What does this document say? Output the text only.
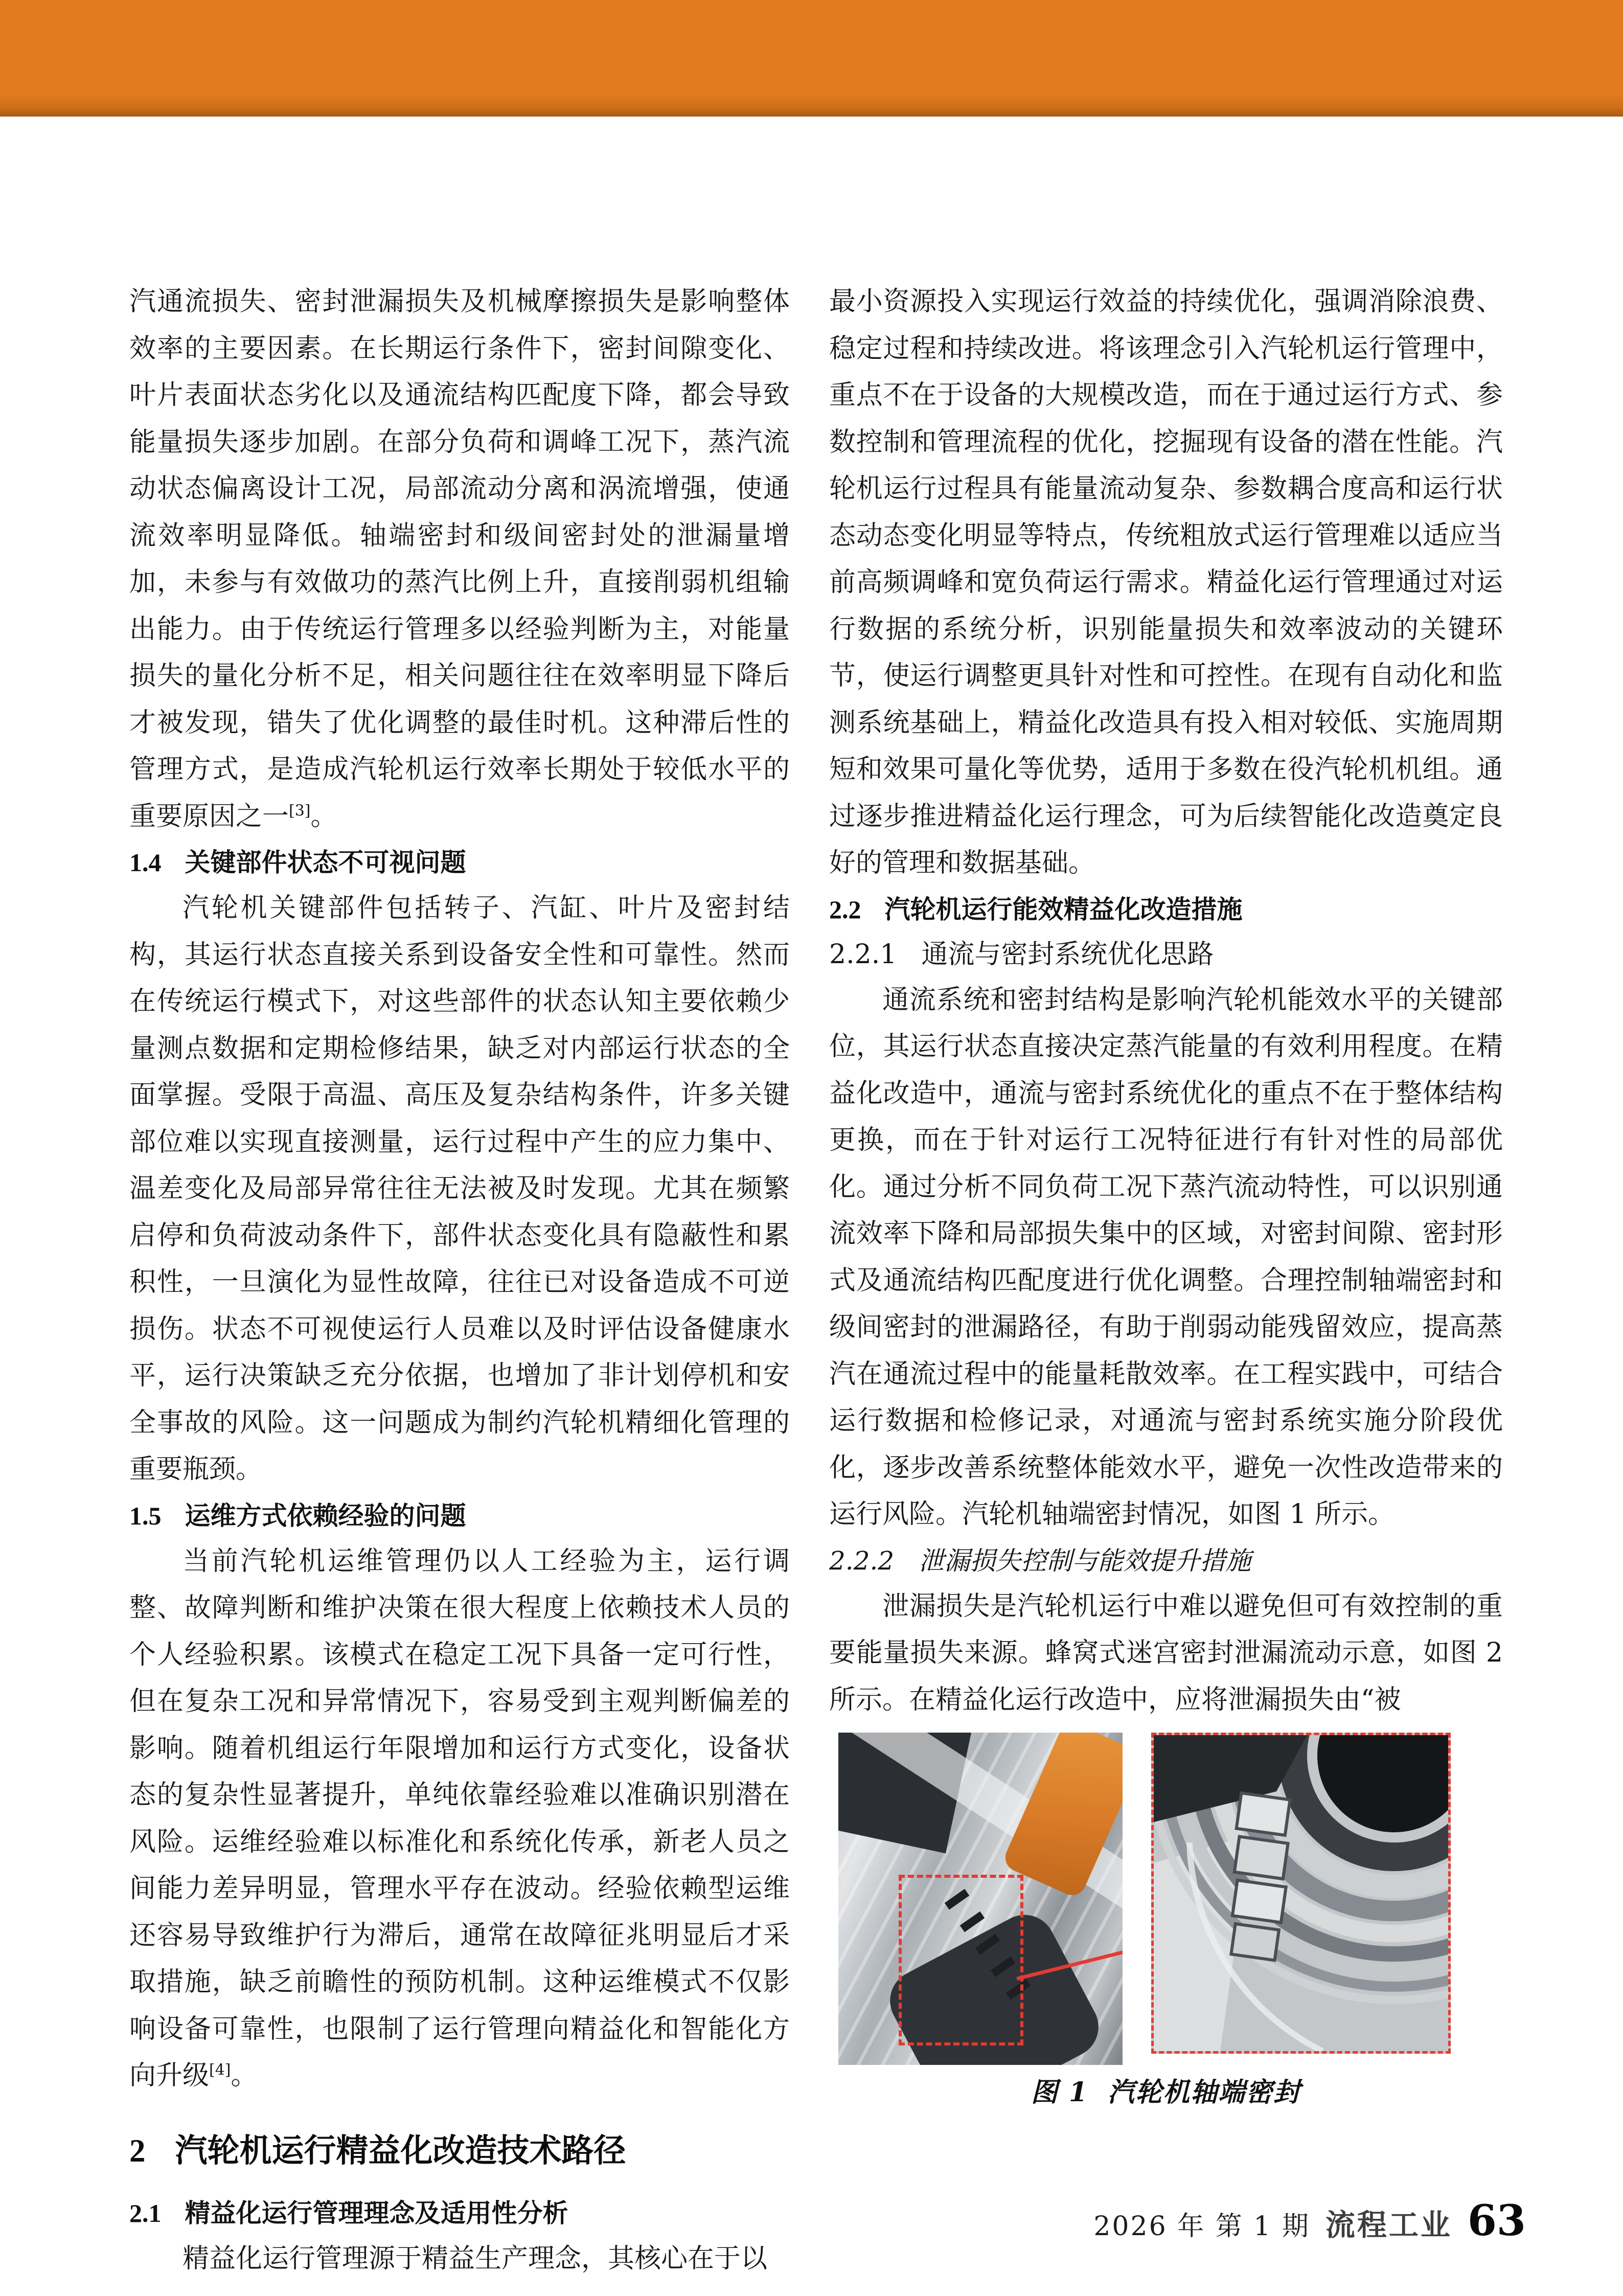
汽通流损失、密封泄漏损失及机械摩擦损失是影响整体效率的主要因素。在长期运行条件下，密封间隙变化、叶片表面状态劣化以及通流结构匹配度下降，都会导致能量损失逐步加剧。在部分负荷和调峰工况下，蒸汽流动状态偏离设计工况，局部流动分离和涡流增强，使通流效率明显降低。轴端密封和级间密封处的泄漏量增加，未参与有效做功的蒸汽比例上升，直接削弱机组输出能力。由于传统运行管理多以经验判断为主，对能量损失的量化分析不足，相关问题往往在效率明显下降后才被发现，错失了优化调整的最佳时机。这种滞后性的管理方式，是造成汽轮机运行效率长期处于较低水平的重要原因之一[3]。

1.4 关键部件状态不可视问题

汽轮机关键部件包括转子、汽缸、叶片及密封结构，其运行状态直接关系到设备安全性和可靠性。然而在传统运行模式下，对这些部件的状态认知主要依赖少量测点数据和定期检修结果，缺乏对内部运行状态的全面掌握。受限于高温、高压及复杂结构条件，许多关键部位难以实现直接测量，运行过程中产生的应力集中、温差变化及局部异常往往无法被及时发现。尤其在频繁启停和负荷波动条件下，部件状态变化具有隐蔽性和累积性，一旦演化为显性故障，往往已对设备造成不可逆损伤。状态不可视使运行人员难以及时评估设备健康水平，运行决策缺乏充分依据，也增加了非计划停机和安全事故的风险。这一问题成为制约汽轮机精细化管理的重要瓶颈。

1.5 运维方式依赖经验的问题

当前汽轮机运维管理仍以人工经验为主，运行调整、故障判断和维护决策在很大程度上依赖技术人员的个人经验积累。该模式在稳定工况下具备一定可行性，但在复杂工况和异常情况下，容易受到主观判断偏差的影响。随着机组运行年限增加和运行方式变化，设备状态的复杂性显著提升，单纯依靠经验难以准确识别潜在风险。运维经验难以标准化和系统化传承，新老人员之间能力差异明显，管理水平存在波动。经验依赖型运维还容易导致维护行为滞后，通常在故障征兆明显后才采取措施，缺乏前瞻性的预防机制。这种运维模式不仅影响设备可靠性，也限制了运行管理向精益化和智能化方向升级[4]。

2 汽轮机运行精益化改造技术路径
2.1 精益化运行管理理念及适用性分析

精益化运行管理源于精益生产理念，其核心在于以

最小资源投入实现运行效益的持续优化，强调消除浪费、稳定过程和持续改进。将该理念引入汽轮机运行管理中，重点不在于设备的大规模改造，而在于通过运行方式、参数控制和管理流程的优化，挖掘现有设备的潜在性能。汽轮机运行过程具有能量流动复杂、参数耦合度高和运行状态动态变化明显等特点，传统粗放式运行管理难以适应当前高频调峰和宽负荷运行需求。精益化运行管理通过对运行数据的系统分析，识别能量损失和效率波动的关键环节，使运行调整更具针对性和可控性。在现有自动化和监测系统基础上，精益化改造具有投入相对较低、实施周期短和效果可量化等优势，适用于多数在役汽轮机机组。通过逐步推进精益化运行理念，可为后续智能化改造奠定良好的管理和数据基础。

2.2 汽轮机运行能效精益化改造措施
2.2.1 通流与密封系统优化思路

通流系统和密封结构是影响汽轮机能效水平的关键部位，其运行状态直接决定蒸汽能量的有效利用程度。在精益化改造中，通流与密封系统优化的重点不在于整体结构更换，而在于针对运行工况特征进行有针对性的局部优化。通过分析不同负荷工况下蒸汽流动特性，可以识别通流效率下降和局部损失集中的区域，对密封间隙、密封形式及通流结构匹配度进行优化调整。合理控制轴端密封和级间密封的泄漏路径，有助于削弱动能残留效应，提高蒸汽在通流过程中的能量耗散效率。在工程实践中，可结合运行数据和检修记录，对通流与密封系统实施分阶段优化，逐步改善系统整体能效水平，避免一次性改造带来的运行风险。汽轮机轴端密封情况，如图 1 所示。

2.2.2 泄漏损失控制与能效提升措施

泄漏损失是汽轮机运行中难以避免但可有效控制的重要能量损失来源。蜂窝式迷宫密封泄漏流动示意，如图 2 所示。在精益化运行改造中，应将泄漏损失由“被

图 1 汽轮机轴端密封
2026 年 第 1 期 流程工业 63
